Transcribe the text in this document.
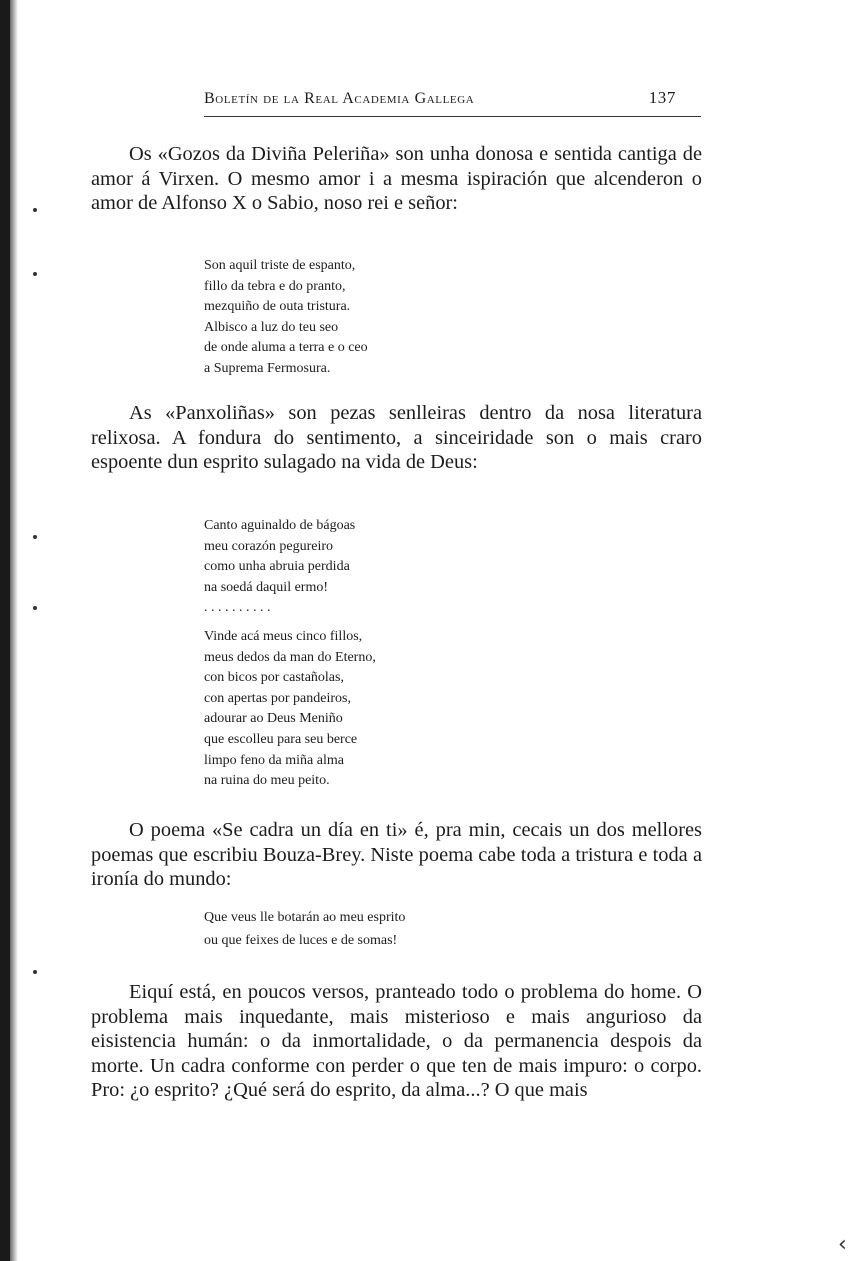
Boletín de la Real Academia Gallega	137

Os «Gozos da Diviña Peleriña» son unha donosa e sentida cantiga de amor á Virxen. O mesmo amor i a mesma ispiración que alcenderon o amor de Alfonso X o Sabio, noso rei e señor:

Son aquil triste de espanto,
fillo da tebra e do pranto,
mezquiño de outa tristura.
Albisco a luz do teu seo
de onde aluma a terra e o ceo
a Suprema Fermosura.

As «Panxoliñas» son pezas senlleiras dentro da nosa literatura relixosa. A fondura do sentimento, a sinceiridade son o mais craro espoente dun esprito sulagado na vida de Deus:

Canto aguinaldo de bágoas
meu corazón pegureiro
como unha abruia perdida
na soedá daquil ermo!
. . . . . . . . . .
Vinde acá meus cinco fillos,
meus dedos da man do Eterno,
con bicos por castañolas,
con apertas por pandeiros,
adourar ao Deus Meniño
que escolleu para seu berce
limpo feno da miña alma
na ruina do meu peito.

O poema «Se cadra un día en ti» é, pra min, cecais un dos mellores poemas que escribiu Bouza-Brey. Niste poema cabe toda a tristura e toda a ironía do mundo:

Que veus lle botarán ao meu esprito
ou que feixes de luces e de somas!

Eiquí está, en poucos versos, pranteado todo o problema do home. O problema mais inquedante, mais misterioso e mais angurioso da eisistencia humán: o da inmortalidade, o da permanencia despois da morte. Un cadra conforme con perder o que ten de mais impuro: o corpo. Pro: ¿o esprito? ¿Qué será do esprito, da alma...? O que mais

‹
